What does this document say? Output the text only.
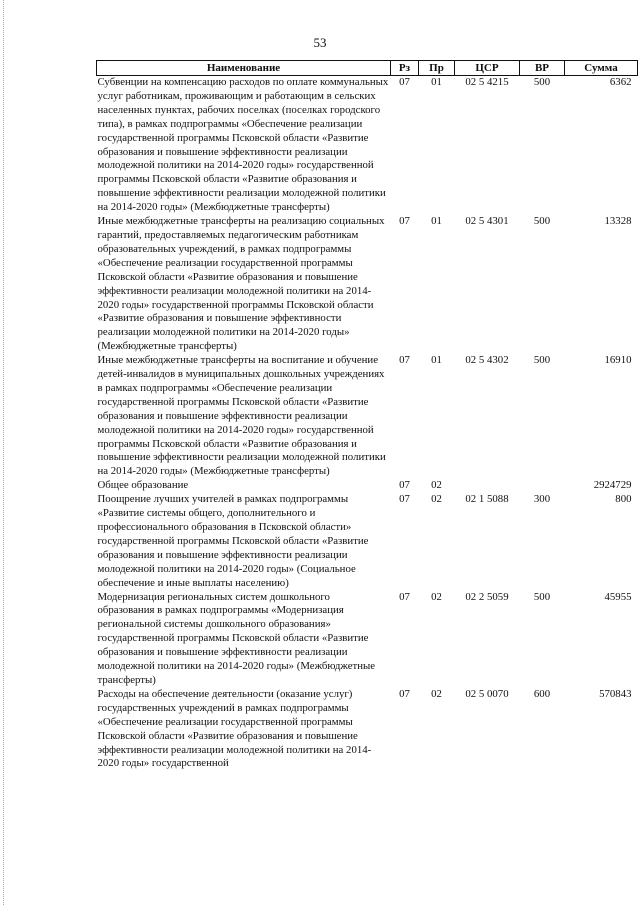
53
Наименование	Рз	Пр	ЦСР	ВР	Сумма
Субвенции на компенсацию расходов по оплате коммунальных услуг работникам, проживающим и работающим в сельских населенных пунктах, рабочих поселках (поселках городского типа), в рамках подпрограммы «Обеспечение реализации государственной программы Псковской области «Развитие образования и повышение эффективности реализации молодежной политики на 2014-2020 годы» государственной программы Псковской области «Развитие образования и повышение эффективности реализации молодежной политики на 2014-2020 годы» (Межбюджетные трансферты)	07	01	02 5 4215	500	6362
Иные межбюджетные трансферты на реализацию социальных гарантий, предоставляемых педагогическим работникам образовательных учреждений, в рамках подпрограммы «Обеспечение реализации государственной программы Псковской области «Развитие образования и повышение эффективности реализации молодежной политики на 2014-2020 годы» государственной программы Псковской области «Развитие образования и повышение эффективности реализации молодежной политики на 2014-2020 годы» (Межбюджетные трансферты)	07	01	02 5 4301	500	13328
Иные межбюджетные трансферты на воспитание и обучение детей-инвалидов в муниципальных дошкольных учреждениях в рамках подпрограммы «Обеспечение реализации государственной программы Псковской области «Развитие образования и повышение эффективности реализации молодежной политики на 2014-2020 годы» государственной программы Псковской области «Развитие образования и повышение эффективности реализации молодежной политики на 2014-2020 годы» (Межбюджетные трансферты)	07	01	02 5 4302	500	16910
Общее образование	07	02			2924729
Поощрение лучших учителей в рамках подпрограммы «Развитие системы общего, дополнительного и профессионального образования в Псковской области» государственной программы Псковской области «Развитие образования и повышение эффективности реализации молодежной политики на 2014-2020 годы» (Социальное обеспечение и иные выплаты населению)	07	02	02 1 5088	300	800
Модернизация региональных систем дошкольного образования в рамках подпрограммы «Модернизация региональной системы дошкольного образования» государственной программы Псковской области «Развитие образования и повышение эффективности реализации молодежной политики на 2014-2020 годы» (Межбюджетные трансферты)	07	02	02 2 5059	500	45955
Расходы на обеспечение деятельности (оказание услуг) государственных учреждений в рамках подпрограммы «Обеспечение реализации государственной программы Псковской области «Развитие образования и повышение эффективности реализации молодежной политики на 2014-2020 годы» государственной	07	02	02 5 0070	600	570843
